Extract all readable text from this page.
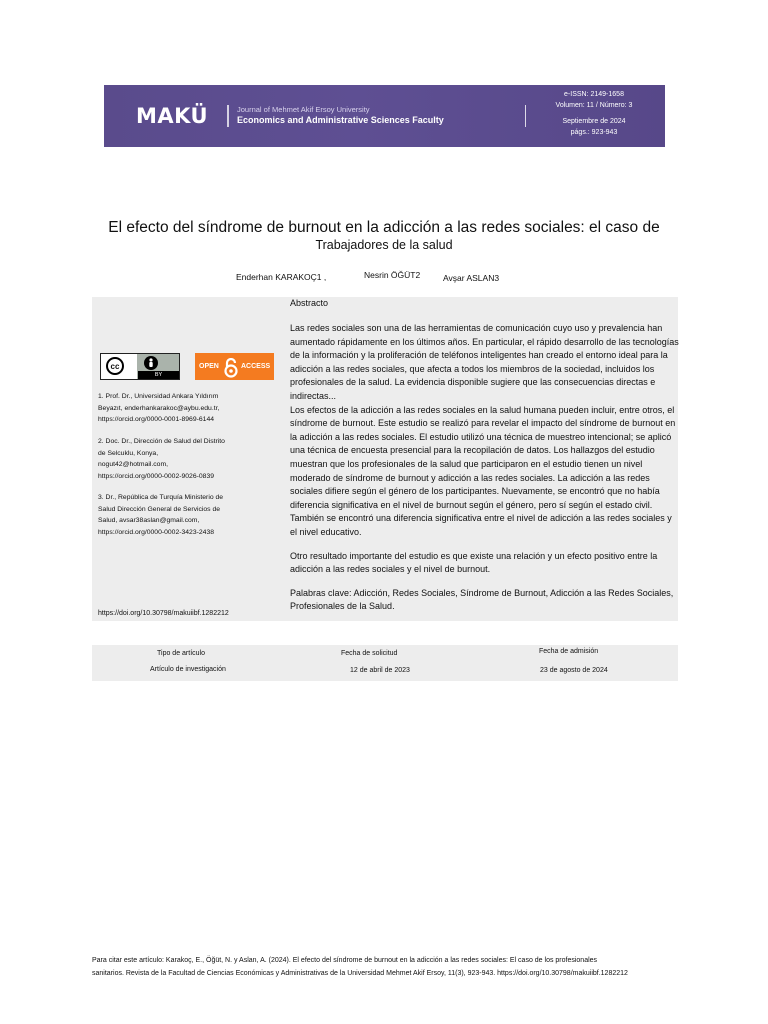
MAKÜ	Journal of Mehmet Akif Ersoy University
Economics and Administrative Sciences Faculty
e-ISSN: 2149-1658
Volumen: 11 / Número: 3
Septiembre de 2024
págs.: 923-943
El efecto del síndrome de burnout en la adicción a las redes sociales: el caso de
Trabajadores de la salud
Enderhan KARAKOÇ1 ,	Nesrin ÖĞÜT2	Avşar ASLAN3
Abstracto

Las redes sociales son una de las herramientas de comunicación cuyo uso y prevalencia han aumentado rápidamente en los últimos años. En particular, el rápido desarrollo de las tecnologías de la información y la proliferación de teléfonos inteligentes han creado el entorno ideal para la adicción a las redes sociales, que afecta a todos los miembros de la sociedad, incluidos los profesionales de la salud. La evidencia disponible sugiere que las consecuencias directas e indirectas...

Los efectos de la adicción a las redes sociales en la salud humana pueden incluir, entre otros, el síndrome de burnout. Este estudio se realizó para revelar el impacto del síndrome de burnout en la adicción a las redes sociales. El estudio utilizó una técnica de muestreo intencional; se aplicó una técnica de encuesta presencial para la recopilación de datos. Los hallazgos del estudio muestran que los profesionales de la salud que participaron en el estudio tienen un nivel moderado de síndrome de burnout y adicción a las redes sociales. La adicción a las redes sociales difiere según el género de los participantes. Nuevamente, se encontró que no había diferencia significativa en el nivel de burnout según el género, pero sí según el estado civil. También se encontró una diferencia significativa entre el nivel de adicción a las redes sociales y el nivel educativo.

Otro resultado importante del estudio es que existe una relación y un efecto positivo entre la adicción a las redes sociales y el nivel de burnout.

Palabras clave: Adicción, Redes Sociales, Síndrome de Burnout, Adicción a las Redes Sociales, Profesionales de la Salud.

cc
BY
OPEN	ACCESS
1. Prof. Dr., Universidad Ankara Yıldırım
Beyazıt, enderhankarakoc@aybu.edu.tr,
https://orcid.org/0000-0001-8969-6144
2. Doc. Dr., Dirección de Salud del Distrito
de Selcuklu, Konya,
nogut42@hotmail.com,
https://orcid.org/0000-0002-9026-0839
3. Dr., República de Turquía Ministerio de
Salud Dirección General de Servicios de
Salud, avsar38aslan@gmail.com,
https://orcid.org/0000-0002-3423-2438
https://doi.org/10.30798/makuiibf.1282212
Tipo de artículo
Artículo de investigación
Fecha de solicitud
12 de abril de 2023
Fecha de admisión
23 de agosto de 2024
Para citar este artículo: Karakoç, E., Öğüt, N. y Aslan, A. (2024). El efecto del síndrome de burnout en la adicción a las redes sociales: El caso de los profesionales
sanitarios. Revista de la Facultad de Ciencias Económicas y Administrativas de la Universidad Mehmet Akif Ersoy, 11(3), 923-943. https://doi.org/10.30798/makuiibf.1282212
